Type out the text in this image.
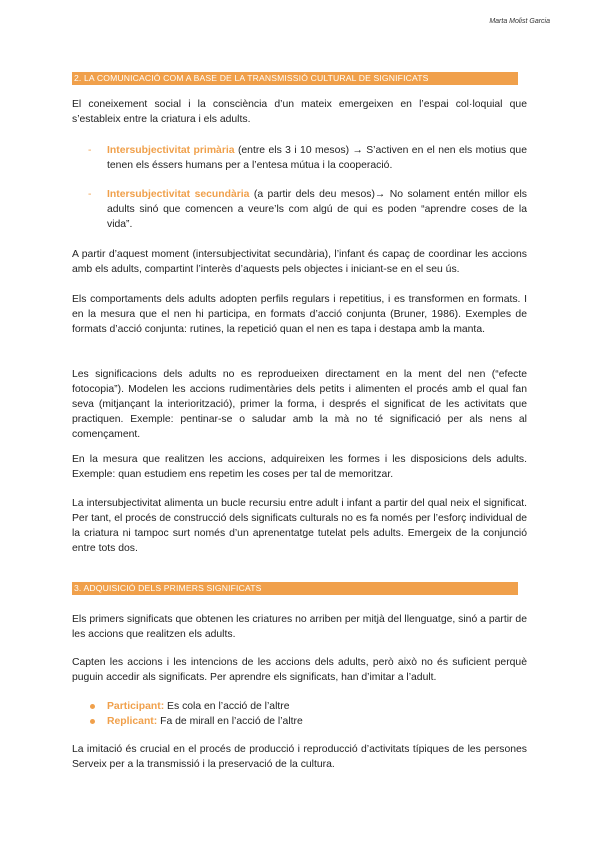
Marta Molist Garcia
2. LA COMUNICACIÓ COM A BASE DE LA TRANSMISSIÓ CULTURAL DE SIGNIFICATS

El coneixement social i la consciència d’un mateix emergeixen en l’espai col·loquial que s’estableix entre la criatura i els adults.

- Intersubjectivitat primària (entre els 3 i 10 mesos) → S’activen en el nen els motius que tenen els éssers humans per a l’entesa mútua i la cooperació.
- Intersubjectivitat secundària (a partir dels deu mesos)→ No solament entén millor els adults sinó que comencen a veure’ls com algú de qui es poden “aprendre coses de la vida”.

A partir d’aquest moment (intersubjectivitat secundària), l’infant és capaç de coordinar les accions amb els adults, compartint l’interès d’aquests pels objectes i iniciant-se en el seu ús.

Els comportaments dels adults adopten perfils regulars i repetitius, i es transformen en formats. I en la mesura que el nen hi participa, en formats d’acció conjunta (Bruner, 1986). Exemples de formats d’acció conjunta: rutines, la repetició quan el nen es tapa i destapa amb la manta.

Les significacions dels adults no es reprodueixen directament en la ment del nen (“efecte fotocopia”). Modelen les accions rudimentàries dels petits i alimenten el procés amb el qual fan seva (mitjançant la interiorització), primer la forma, i després el significat de les activitats que practiquen. Exemple: pentinar-se o saludar amb la mà no té significació per als nens al començament.

En la mesura que realitzen les accions, adquireixen les formes i les disposicions dels adults. Exemple: quan estudiem ens repetim les coses per tal de memoritzar.

La intersubjectivitat alimenta un bucle recursiu entre adult i infant a partir del qual neix el significat. Per tant, el procés de construcció dels significats culturals no es fa només per l’esforç individual de la criatura ni tampoc surt només d’un aprenentatge tutelat pels adults. Emergeix de la conjunció entre tots dos.

3. ADQUISICIÓ DELS PRIMERS SIGNIFICATS

Els primers significats que obtenen les criatures no arriben per mitjà del llenguatge, sinó a partir de les accions que realitzen els adults.

Capten les accions i les intencions de les accions dels adults, però això no és suficient perquè puguin accedir als significats. Per aprendre els significats, han d’imitar a l’adult.

Participant: Es cola en l’acció de l’altre
Replicant: Fa de mirall en l’acció de l’altre

La imitació és crucial en el procés de producció i reproducció d’activitats típiques de les persones Serveix per a la transmissió i la preservació de la cultura.
